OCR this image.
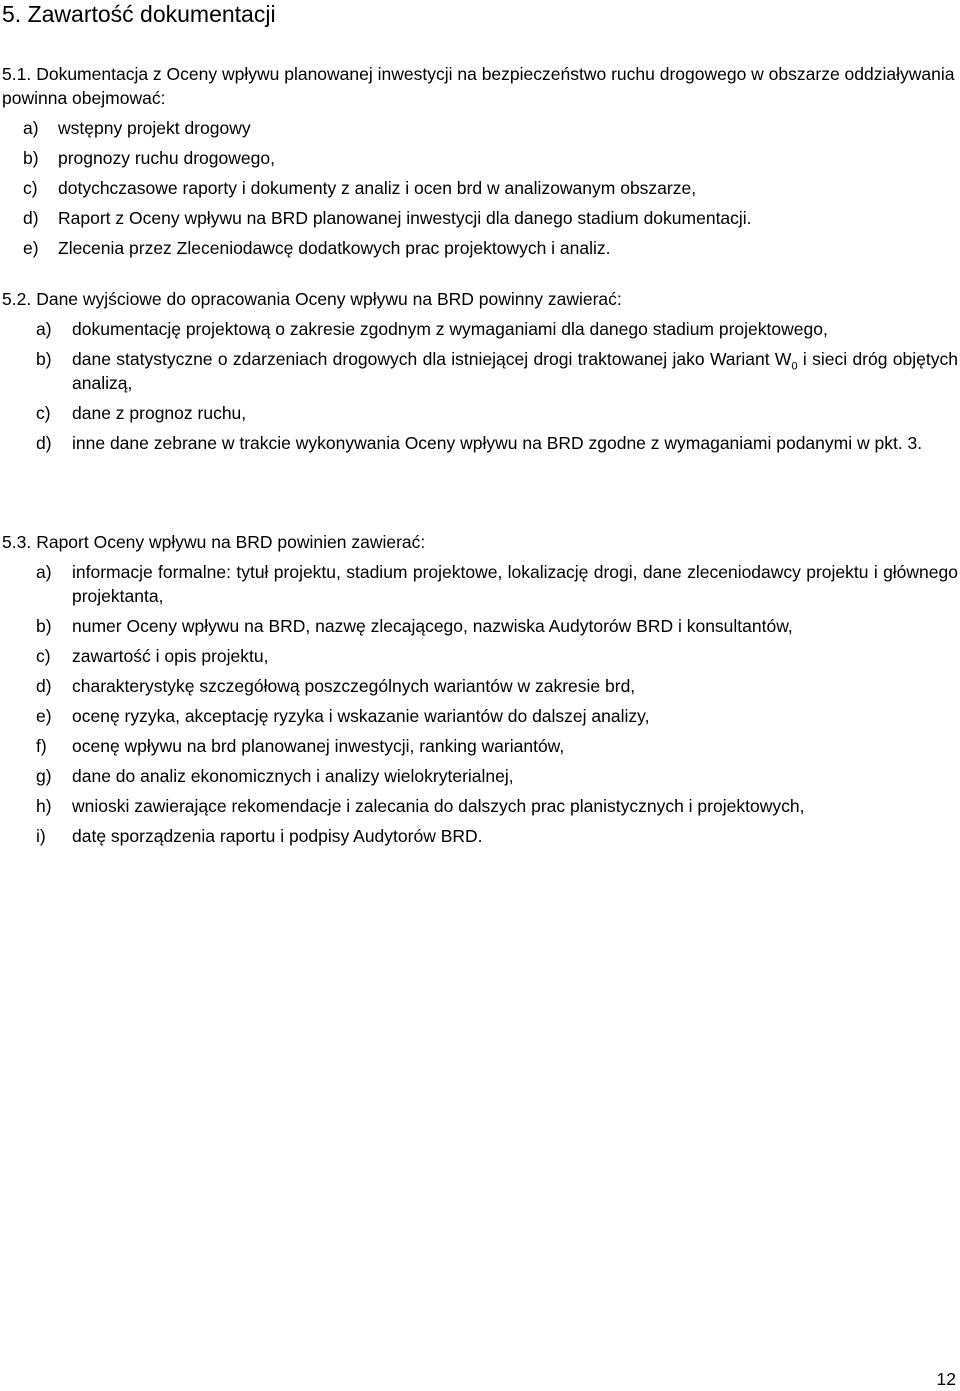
5. Zawartość dokumentacji

5.1. Dokumentacja z Oceny wpływu planowanej inwestycji na bezpieczeństwo ruchu drogowego w obszarze oddziaływania powinna obejmować:

a) wstępny projekt drogowy
b) prognozy ruchu drogowego,
c) dotychczasowe raporty i dokumenty z analiz i ocen brd w analizowanym obszarze,
d) Raport z Oceny wpływu na BRD planowanej inwestycji dla danego stadium dokumentacji.
e) Zlecenia przez Zleceniodawcę dodatkowych prac projektowych i analiz.

5.2. Dane wyjściowe do opracowania Oceny wpływu na BRD powinny zawierać:

a) dokumentację projektową o zakresie zgodnym z wymaganiami dla danego stadium projektowego,
b) dane statystyczne o zdarzeniach drogowych dla istniejącej drogi traktowanej jako Wariant $W_0$ i sieci dróg objętych analizą,
c) dane z prognoz ruchu,
d) inne dane zebrane w trakcie wykonywania Oceny wpływu na BRD zgodne z wymaganiami podanymi w pkt. 3.

5.3. Raport Oceny wpływu na BRD powinien zawierać:

a) informacje formalne: tytuł projektu, stadium projektowe, lokalizację drogi, dane zleceniodawcy projektu i głównego projektanta,
b) numer Oceny wpływu na BRD, nazwę zlecającego, nazwiska Audytorów BRD i konsultantów,
c) zawartość i opis projektu,
d) charakterystykę szczegółową poszczególnych wariantów w zakresie brd,
e) ocenę ryzyka, akceptację ryzyka i wskazanie wariantów do dalszej analizy,
f) ocenę wpływu na brd planowanej inwestycji, ranking wariantów,
g) dane do analiz ekonomicznych i analizy wielokryterialnej,
h) wnioski zawierające rekomendacje i zalecania do dalszych prac planistycznych i projektowych,
i) datę sporządzenia raportu i podpisy Audytorów BRD.
12
